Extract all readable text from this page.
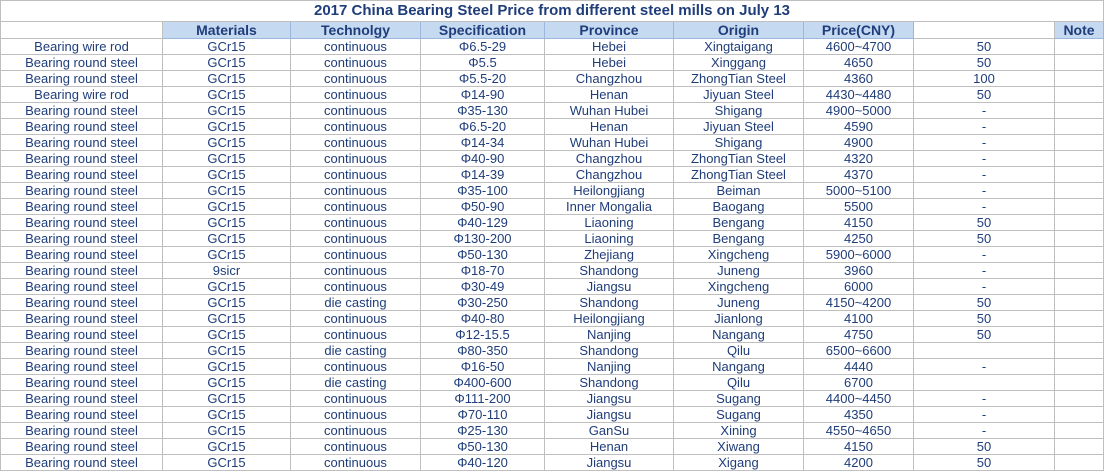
2017 China Bearing Steel Price from different steel mills on July 13								
	Materials	Technolgy	Specification	Province	Origin	Price(CNY)		Note
Bearing wire rod	GCr15	continuous	Φ6.5-29	Hebei	Xingtaigang	4600~4700	50	
Bearing round steel	GCr15	continuous	Φ5.5	Hebei	Xinggang	4650	50	
Bearing round steel	GCr15	continuous	Φ5.5-20	Changzhou	ZhongTian Steel	4360	100	
Bearing wire rod	GCr15	continuous	Φ14-90	Henan	Jiyuan Steel	4430~4480	50	
Bearing round steel	GCr15	continuous	Φ35-130	Wuhan Hubei	Shigang	4900~5000	-	
Bearing round steel	GCr15	continuous	Φ6.5-20	Henan	Jiyuan Steel	4590	-	
Bearing round steel	GCr15	continuous	Φ14-34	Wuhan Hubei	Shigang	4900	-	
Bearing round steel	GCr15	continuous	Φ40-90	Changzhou	ZhongTian Steel	4320	-	
Bearing round steel	GCr15	continuous	Φ14-39	Changzhou	ZhongTian Steel	4370	-	
Bearing round steel	GCr15	continuous	Φ35-100	Heilongjiang	Beiman	5000~5100	-	
Bearing round steel	GCr15	continuous	Φ50-90	Inner Mongalia	Baogang	5500	-	
Bearing round steel	GCr15	continuous	Φ40-129	Liaoning	Bengang	4150	50	
Bearing round steel	GCr15	continuous	Φ130-200	Liaoning	Bengang	4250	50	
Bearing round steel	GCr15	continuous	Φ50-130	Zhejiang	Xingcheng	5900~6000	-	
Bearing round steel	9sicr	continuous	Φ18-70	Shandong	Juneng	3960	-	
Bearing round steel	GCr15	continuous	Φ30-49	Jiangsu	Xingcheng	6000	-	
Bearing round steel	GCr15	die casting	Φ30-250	Shandong	Juneng	4150~4200	50	
Bearing round steel	GCr15	continuous	Φ40-80	Heilongjiang	Jianlong	4100	50	
Bearing round steel	GCr15	continuous	Φ12-15.5	Nanjing	Nangang	4750	50	
Bearing round steel	GCr15	die casting	Φ80-350	Shandong	Qilu	6500~6600		
Bearing round steel	GCr15	continuous	Φ16-50	Nanjing	Nangang	4440	-	
Bearing round steel	GCr15	die casting	Φ400-600	Shandong	Qilu	6700		
Bearing round steel	GCr15	continuous	Φ111-200	Jiangsu	Sugang	4400~4450	-	
Bearing round steel	GCr15	continuous	Φ70-110	Jiangsu	Sugang	4350	-	
Bearing round steel	GCr15	continuous	Φ25-130	GanSu	Xining	4550~4650	-	
Bearing round steel	GCr15	continuous	Φ50-130	Henan	Xiwang	4150	50	
Bearing round steel	GCr15	continuous	Φ40-120	Jiangsu	Xigang	4200	50	
